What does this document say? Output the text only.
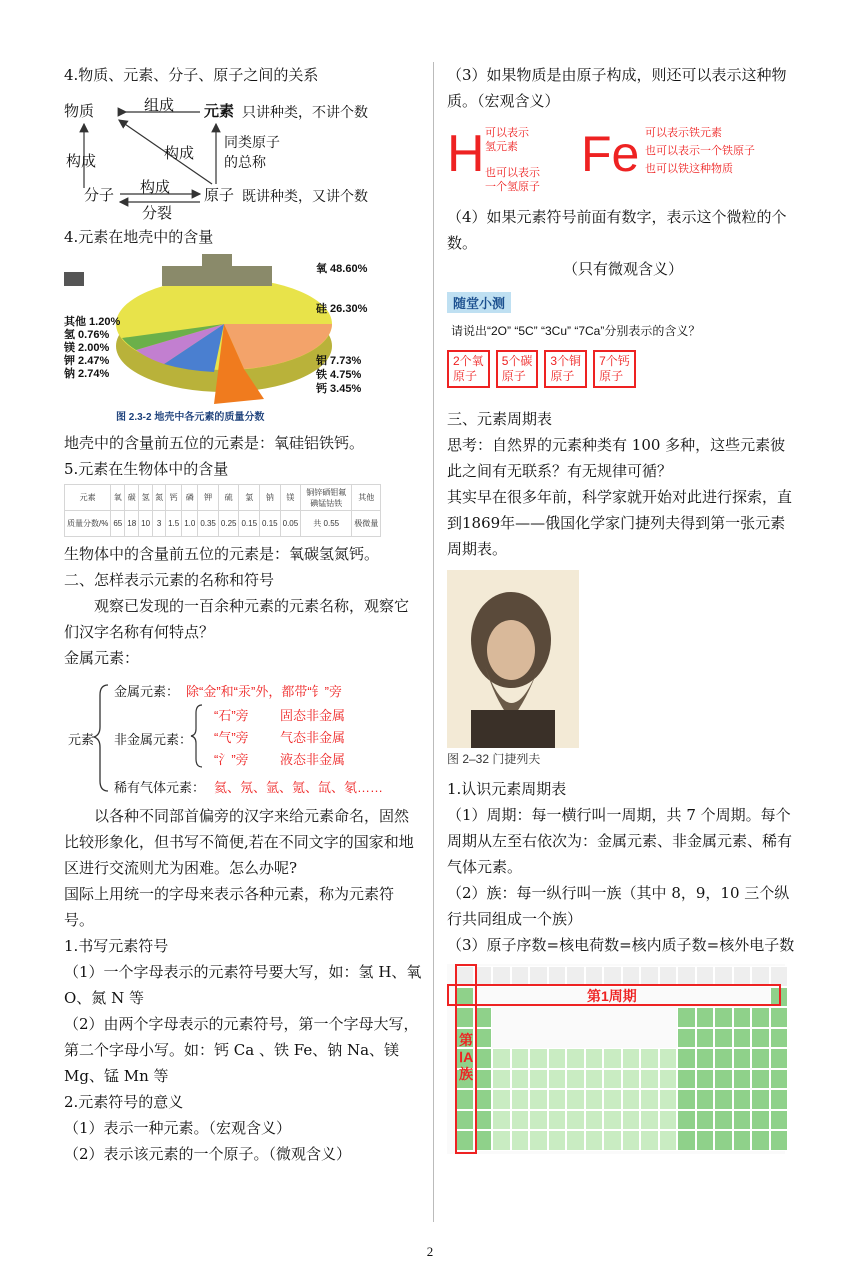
4.物质、元素、分子、原子之间的关系

物质	组成 元素 只讲种类，不讲个数
构成	构成
同类原子
的总称
分子 构成
分裂
原子 既讲种类，又讲个数

4.元素在地壳中的含量

氧 48.60%
硅 26.30%
铝 7.73%
铁 4.75%
钙 3.45%
其他 1.20%
氢 0.76%
镁 2.00%
钾 2.47%
钠 2.74%
图 2.3-2 地壳中各元素的质量分数

地壳中的含量前五位的元素是：氧硅铝铁钙。

5.元素在生物体中的含量

元素	氧	碳	氢	氮	钙	磷	钾	硫	氯	钠	镁	铜锌硒钼氟碘锰钴铁	其他
质量分数/%	65	18	10	3	1.5	1.0	0.35	0.25	0.15	0.15	0.05	共 0.55	极微量

生物体中的含量前五位的元素是：氧碳氢氮钙。

二、怎样表示元素的名称和符号

观察已发现的一百余种元素的元素名称，观察它们汉字名称有何特点？

金属元素：

元素
金属元素： 除“金”和“汞”外，都带“钅”旁
非金属元素：
“石”旁 固态非金属
“气”旁 气态非金属
“氵”旁 液态非金属
稀有气体元素： 氦、氖、氩、氪、氙、氡……

以各种不同部首偏旁的汉字来给元素命名，固然比较形象化，但书写不简便,若在不同文字的国家和地区进行交流则尤为困难。怎么办呢?

国际上用统一的字母来表示各种元素，称为元素符号。

1.书写元素符号

（1）一个字母表示的元素符号要大写，如：氢 H、氧 O、氮 N 等

（2）由两个字母表示的元素符号，第一个字母大写，第二个字母小写。如：钙 Ca 、铁 Fe、钠 Na、镁 Mg、锰 Mn 等

2.元素符号的意义

（1）表示一种元素。（宏观含义）

（2）表示该元素的一个原子。（微观含义）

（3）如果物质是由原子构成，则还可以表示这种物质。（宏观含义）

H 可以表示
氢元素
也可以表示
一个氢原子
Fe 可以表示铁元素
也可以表示一个铁原子
也可以铁这种物质

（4）如果元素符号前面有数字，表示这个微粒的个数。

（只有微观含义）

随堂小测
请说出“2O” “5C” “3Cu” “7Ca”分别表示的含义？
2个氧
原子5个碳
原子3个铜
原子7个钙
原子

三、元素周期表

思考：自然界的元素种类有 100 多种，这些元素彼此之间有无联系？有无规律可循？

其实早在很多年前，科学家就开始对此进行探索，直到1869年——俄国化学家门捷列夫得到第一张元素周期表。

图 2–32 门捷列夫

1.认识元素周期表

（1）周期：每一横行叫一周期，共 7 个周期。每个周期从左至右依次为：金属元素、非金属元素、稀有气体元素。

（2）族：每一纵行叫一族（其中 8，9，10 三个纵行共同组成一个族）

（3）原子序数=核电荷数=核内质子数=核外电子数

第1周期
第ⅠA族
2
